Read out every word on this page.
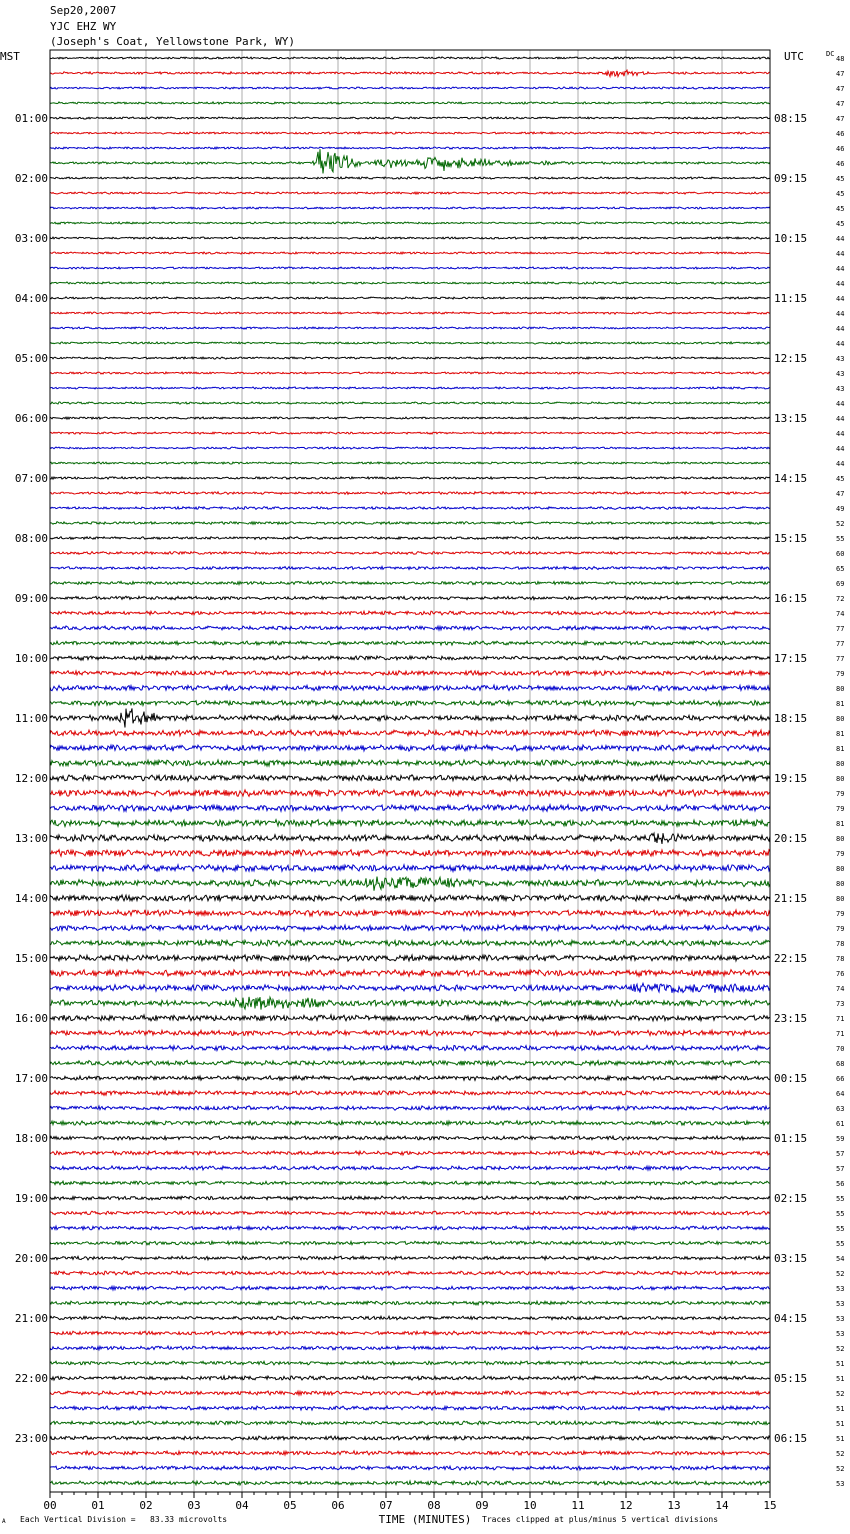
Sep20,2007
YJC EHZ WY
(Joseph's Coat, Yellowstone Park, WY)
00	01	02	03	04	05	06	07	08	09	10	11	12	13	14	15
01:00
02:00
03:00
04:00
05:00
06:00
07:00
08:00
09:00
10:00
11:00
12:00
13:00
14:00
15:00
16:00
17:00
18:00
19:00
20:00
21:00
22:00
23:00
08:15
09:15
10:15
11:15
12:15
13:15
14:15
15:15
16:15
17:15
18:15
19:15
20:15
21:15
22:15
23:15
00:15
01:15
02:15
03:15
04:15
05:15
06:15
48
47
47
47
47
46
46
46
45
45
45
45
44
44
44
44
44
44
44
44
43
43
43
44
44
44
44
44
45
47
49
52
55
60
65
69
72
74
77
77
77
79
80
81
80
81
81
80
80
79
79
81
80
79
80
80
80
79
79
78
78
76
74
73
71
71
70
68
66
64
63
61
59
57
57
56
55
55
55
55
54
52
53
53
53
53
52
51
51
52
51
51
51
52
52
53
MST	UTC	DC
TIME (MINUTES)
Each Vertical Division =   83.33 microvolts	Traces clipped at plus/minus 5 vertical divisions
A
